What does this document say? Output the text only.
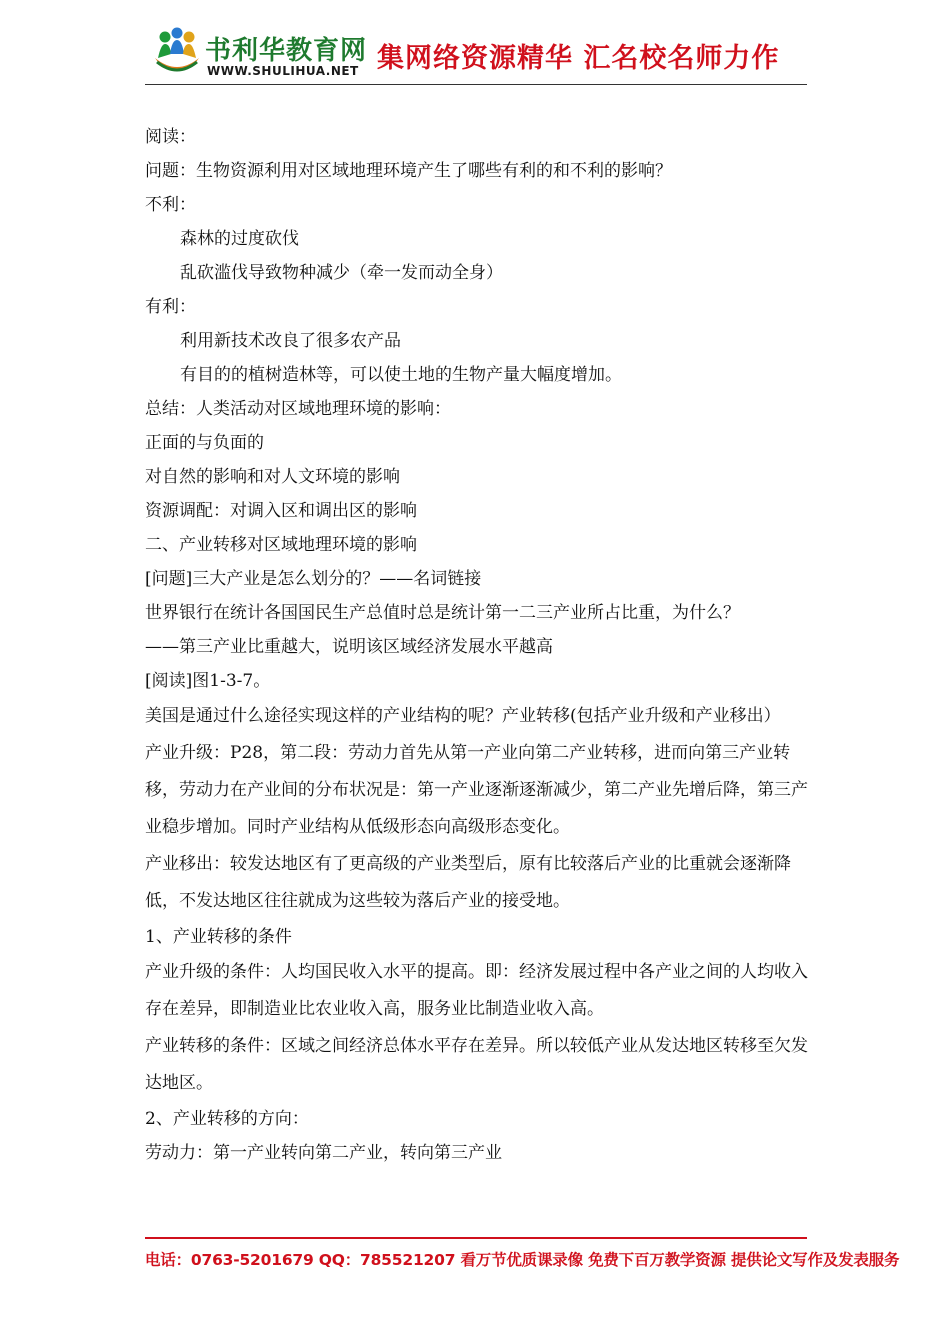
书利华教育网
WWW.SHULIHUA.NET 集网络资源精华 汇名校名师力作

阅读：

问题：生物资源利用对区域地理环境产生了哪些有利的和不利的影响？

不利：

森林的过度砍伐

乱砍滥伐导致物种减少（牵一发而动全身）

有利：

利用新技术改良了很多农产品

有目的的植树造林等，可以使土地的生物产量大幅度增加。

总结：人类活动对区域地理环境的影响：

正面的与负面的

对自然的影响和对人文环境的影响

资源调配：对调入区和调出区的影响

二、产业转移对区域地理环境的影响

[问题]三大产业是怎么划分的？——名词链接

世界银行在统计各国国民生产总值时总是统计第一二三产业所占比重，为什么？

——第三产业比重越大，说明该区域经济发展水平越高

[阅读]图1-3-7。

美国是通过什么途径实现这样的产业结构的呢？产业转移(包括产业升级和产业移出）

产业升级：P28，第二段：劳动力首先从第一产业向第二产业转移，进而向第三产业转移，劳动力在产业间的分布状况是：第一产业逐渐逐渐减少，第二产业先增后降，第三产业稳步增加。同时产业结构从低级形态向高级形态变化。

产业移出：较发达地区有了更高级的产业类型后，原有比较落后产业的比重就会逐渐降低，不发达地区往往就成为这些较为落后产业的接受地。

1、产业转移的条件

产业升级的条件：人均国民收入水平的提高。即：经济发展过程中各产业之间的人均收入存在差异，即制造业比农业收入高，服务业比制造业收入高。

产业转移的条件：区域之间经济总体水平存在差异。所以较低产业从发达地区转移至欠发达地区。

2、产业转移的方向：

劳动力：第一产业转向第二产业，转向第三产业

电话：0763-5201679 QQ：785521207 看万节优质课录像 免费下百万教学资源 提供论文写作及发表服务
